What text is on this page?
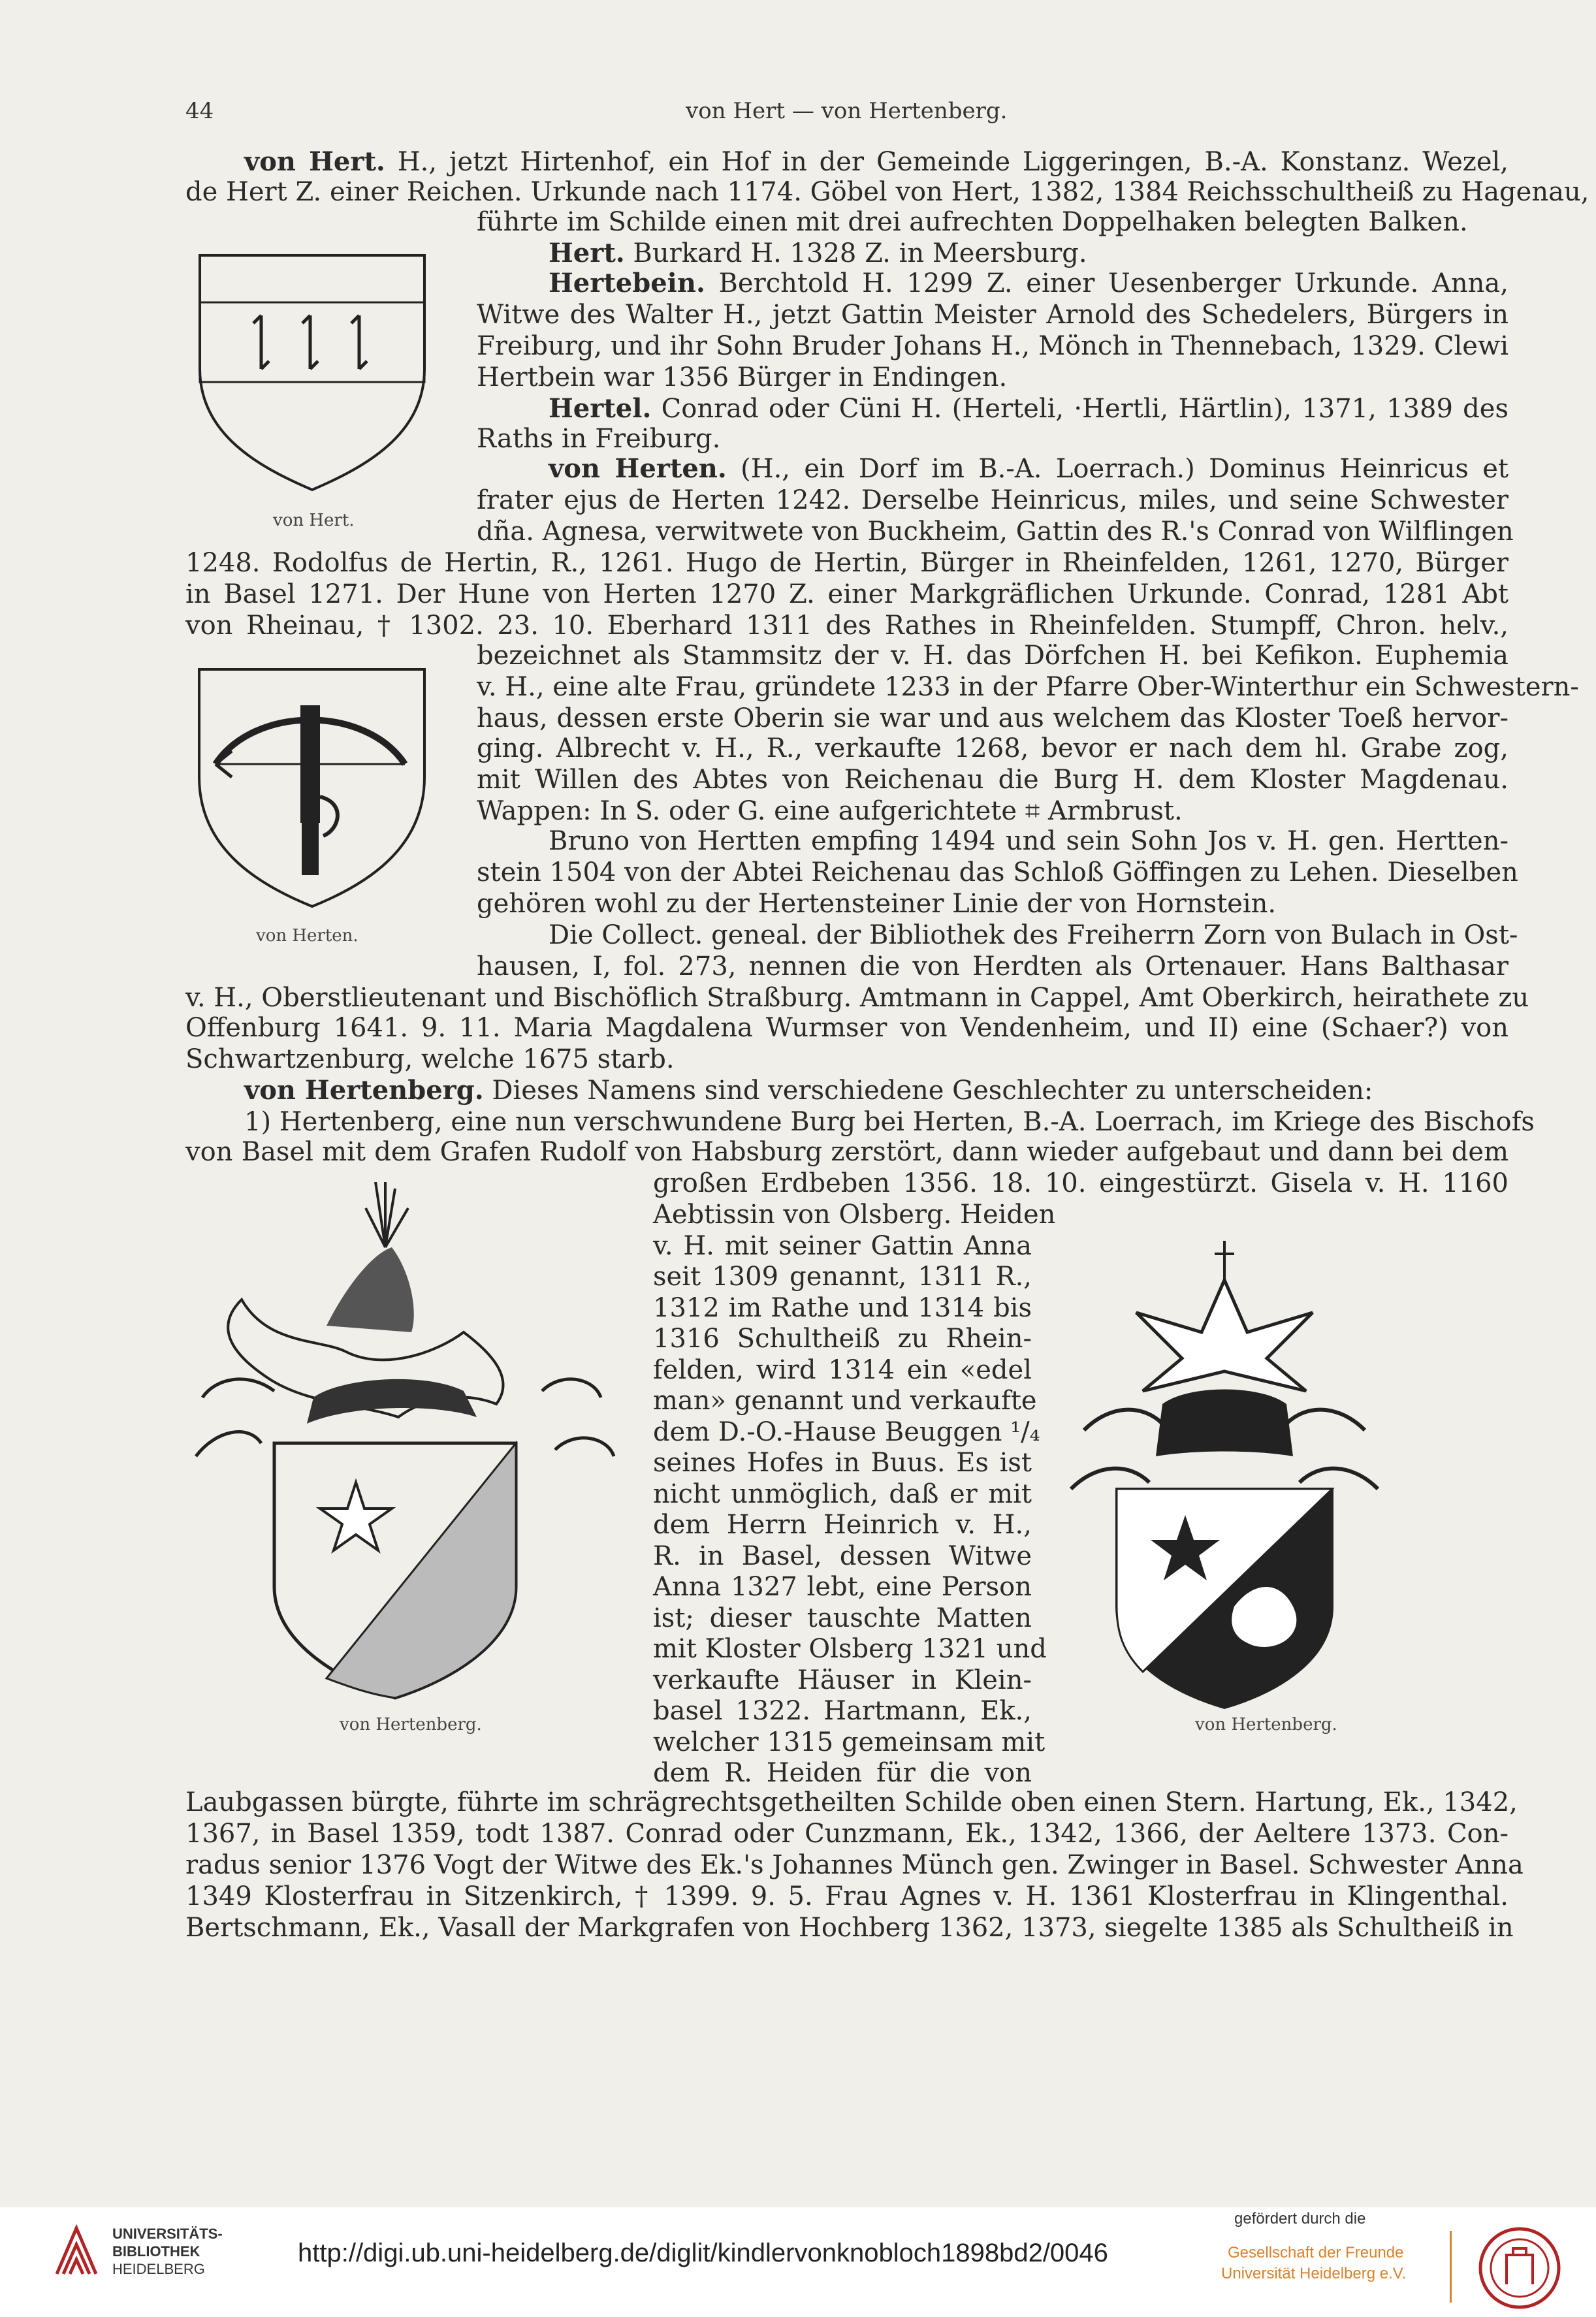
44	von Hert — von Hertenberg.
von Hert. H., jetzt Hirtenhof, ein Hof in der Gemeinde Liggeringen, B.-A. Konstanz. Wezel,
de Hert Z. einer Reichen. Urkunde nach 1174. Göbel von Hert, 1382, 1384 Reichsschultheiß zu Hagenau,
führte im Schilde einen mit drei aufrechten Doppelhaken belegten Balken.
Hert. Burkard H. 1328 Z. in Meersburg.
Hertebein. Berchtold H. 1299 Z. einer Uesenberger Urkunde. Anna,
Witwe des Walter H., jetzt Gattin Meister Arnold des Schedelers, Bürgers in
Freiburg, und ihr Sohn Bruder Johans H., Mönch in Thennebach, 1329. Clewi
Hertbein war 1356 Bürger in Endingen.
Hertel. Conrad oder Cüni H. (Herteli, ·Hertli, Härtlin), 1371, 1389 des
Raths in Freiburg.
von Herten. (H., ein Dorf im B.-A. Loerrach.) Dominus Heinricus et
frater ejus de Herten 1242. Derselbe Heinricus, miles, und seine Schwester
dña. Agnesa, verwitwete von Buckheim, Gattin des R.'s Conrad von Wilflingen
1248. Rodolfus de Hertin, R., 1261. Hugo de Hertin, Bürger in Rheinfelden, 1261, 1270, Bürger
in Basel 1271. Der Hune von Herten 1270 Z. einer Markgräflichen Urkunde. Conrad, 1281 Abt
von Rheinau, † 1302. 23. 10. Eberhard 1311 des Rathes in Rheinfelden. Stumpff, Chron. helv.,
bezeichnet als Stammsitz der v. H. das Dörfchen H. bei Kefikon. Euphemia
v. H., eine alte Frau, gründete 1233 in der Pfarre Ober-Winterthur ein Schwestern-
haus, dessen erste Oberin sie war und aus welchem das Kloster Toeß hervor-
ging. Albrecht v. H., R., verkaufte 1268, bevor er nach dem hl. Grabe zog,
mit Willen des Abtes von Reichenau die Burg H. dem Kloster Magdenau.
Wappen: In S. oder G. eine aufgerichtete ⌗ Armbrust.
Bruno von Hertten empfing 1494 und sein Sohn Jos v. H. gen. Hertten-
stein 1504 von der Abtei Reichenau das Schloß Göffingen zu Lehen. Dieselben
gehören wohl zu der Hertensteiner Linie der von Hornstein.
Die Collect. geneal. der Bibliothek des Freiherrn Zorn von Bulach in Ost-
hausen, I, fol. 273, nennen die von Herdten als Ortenauer. Hans Balthasar
v. H., Oberstlieutenant und Bischöflich Straßburg. Amtmann in Cappel, Amt Oberkirch, heirathete zu
Offenburg 1641. 9. 11. Maria Magdalena Wurmser von Vendenheim, und II) eine (Schaer?) von
Schwartzenburg, welche 1675 starb.
von Hertenberg. Dieses Namens sind verschiedene Geschlechter zu unterscheiden:
1) Hertenberg, eine nun verschwundene Burg bei Herten, B.-A. Loerrach, im Kriege des Bischofs
von Basel mit dem Grafen Rudolf von Habsburg zerstört, dann wieder aufgebaut und dann bei dem
großen Erdbeben 1356. 18. 10. eingestürzt. Gisela v. H. 1160
Aebtissin von Olsberg. Heiden
v. H. mit seiner Gattin Anna
seit 1309 genannt, 1311 R.,
1312 im Rathe und 1314 bis
1316 Schultheiß zu Rhein-
felden, wird 1314 ein «edel
man» genannt und verkaufte
dem D.-O.-Hause Beuggen ¹/₄
seines Hofes in Buus. Es ist
nicht unmöglich, daß er mit
dem Herrn Heinrich v. H.,
R. in Basel, dessen Witwe
Anna 1327 lebt, eine Person
ist; dieser tauschte Matten
mit Kloster Olsberg 1321 und
verkaufte Häuser in Klein-
basel 1322. Hartmann, Ek.,
welcher 1315 gemeinsam mit
dem R. Heiden für die von
Laubgassen bürgte, führte im schrägrechtsgetheilten Schilde oben einen Stern. Hartung, Ek., 1342,
1367, in Basel 1359, todt 1387. Conrad oder Cunzmann, Ek., 1342, 1366, der Aeltere 1373. Con-
radus senior 1376 Vogt der Witwe des Ek.'s Johannes Münch gen. Zwinger in Basel. Schwester Anna
1349 Klosterfrau in Sitzenkirch, † 1399. 9. 5. Frau Agnes v. H. 1361 Klosterfrau in Klingenthal.
Bertschmann, Ek., Vasall der Markgrafen von Hochberg 1362, 1373, siegelte 1385 als Schultheiß in
von Hert.
von Herten.
von Hertenberg.	von Hertenberg.
UNIVERSITÄTS-
BIBLIOTHEK
HEIDELBERG
http://digi.ub.uni-heidelberg.de/diglit/kindlervonknobloch1898bd2/0046
gefördert durch die
Gesellschaft der Freunde
Universität Heidelberg e.V.
